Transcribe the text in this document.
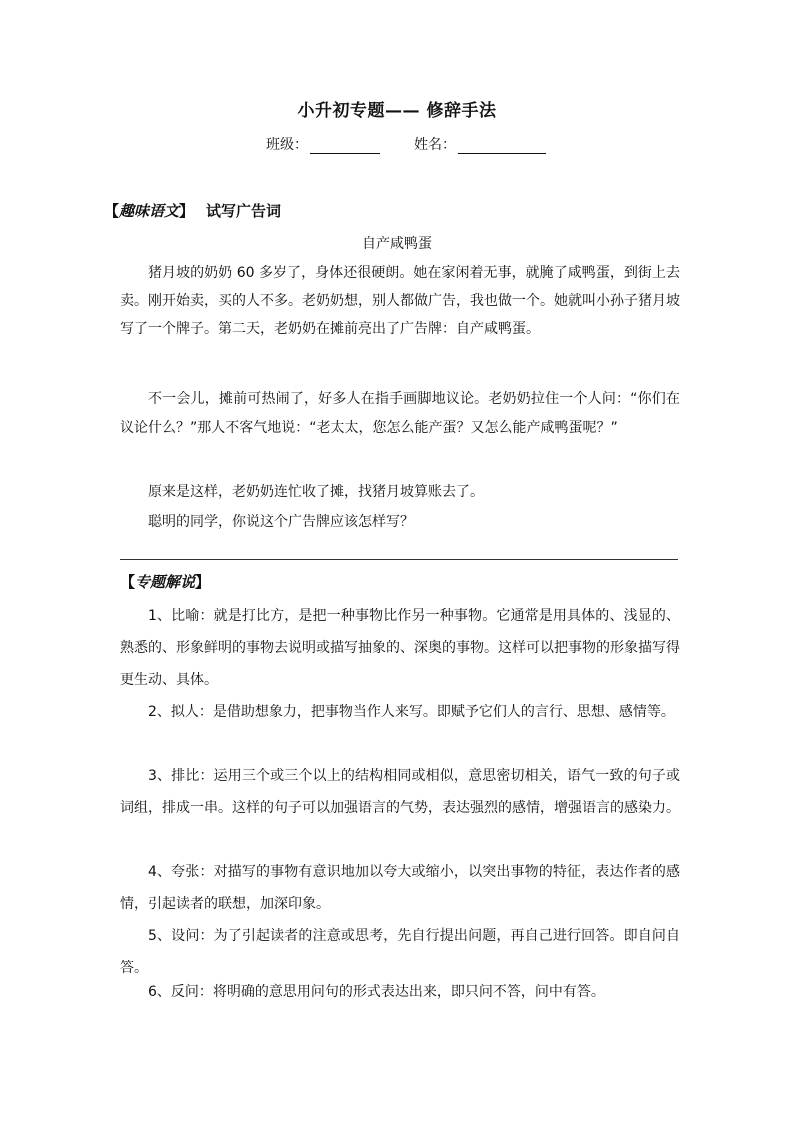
小升初专题—— 修辞手法
班级：	姓名：
【趣味语文】 试写广告词
自产咸鸭蛋

猪月坡的奶奶 60 多岁了，身体还很硬朗。她在家闲着无事，就腌了咸鸭蛋，到街上去卖。刚开始卖，买的人不多。老奶奶想，别人都做广告，我也做一个。她就叫小孙子猪月坡写了一个牌子。第二天，老奶奶在摊前亮出了广告牌：自产咸鸭蛋。

不一会儿，摊前可热闹了，好多人在指手画脚地议论。老奶奶拉住一个人问：“你们在议论什么？”那人不客气地说：“老太太，您怎么能产蛋？又怎么能产咸鸭蛋呢？”

原来是这样，老奶奶连忙收了摊，找猪月坡算账去了。

聪明的同学，你说这个广告牌应该怎样写？

【专题解说】

1、比喻：就是打比方，是把一种事物比作另一种事物。它通常是用具体的、浅显的、熟悉的、形象鲜明的事物去说明或描写抽象的、深奥的事物。这样可以把事物的形象描写得更生动、具体。

2、拟人：是借助想象力，把事物当作人来写。即赋予它们人的言行、思想、感情等。

3、排比：运用三个或三个以上的结构相同或相似，意思密切相关，语气一致的句子或词组，排成一串。这样的句子可以加强语言的气势，表达强烈的感情，增强语言的感染力。

4、夸张：对描写的事物有意识地加以夸大或缩小，以突出事物的特征，表达作者的感情，引起读者的联想，加深印象。

5、设问：为了引起读者的注意或思考，先自行提出问题，再自己进行回答。即自问自答。

6、反问：将明确的意思用问句的形式表达出来，即只问不答，问中有答。
